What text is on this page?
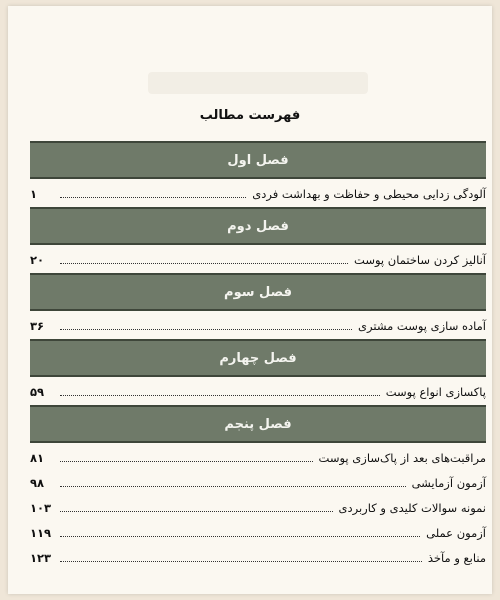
فهرست مطالب
فصل اول
آلودگی زدایی محیطی و حفاظت و بهداشت فردی
۱
فصل دوم
آنالیز کردن ساختمان پوست
۲۰
فصل سوم
آماده سازی پوست مشتری
۳۶
فصل چهارم
پاکسازی انواع پوست
۵۹
فصل پنجم
مراقبت‌های بعد از پاک‌سازی پوست
۸۱
آزمون آزمایشی
۹۸
نمونه سوالات کلیدی و کاربردی
۱۰۳
آزمون عملی
۱۱۹
منابع و مآخذ
۱۲۳
